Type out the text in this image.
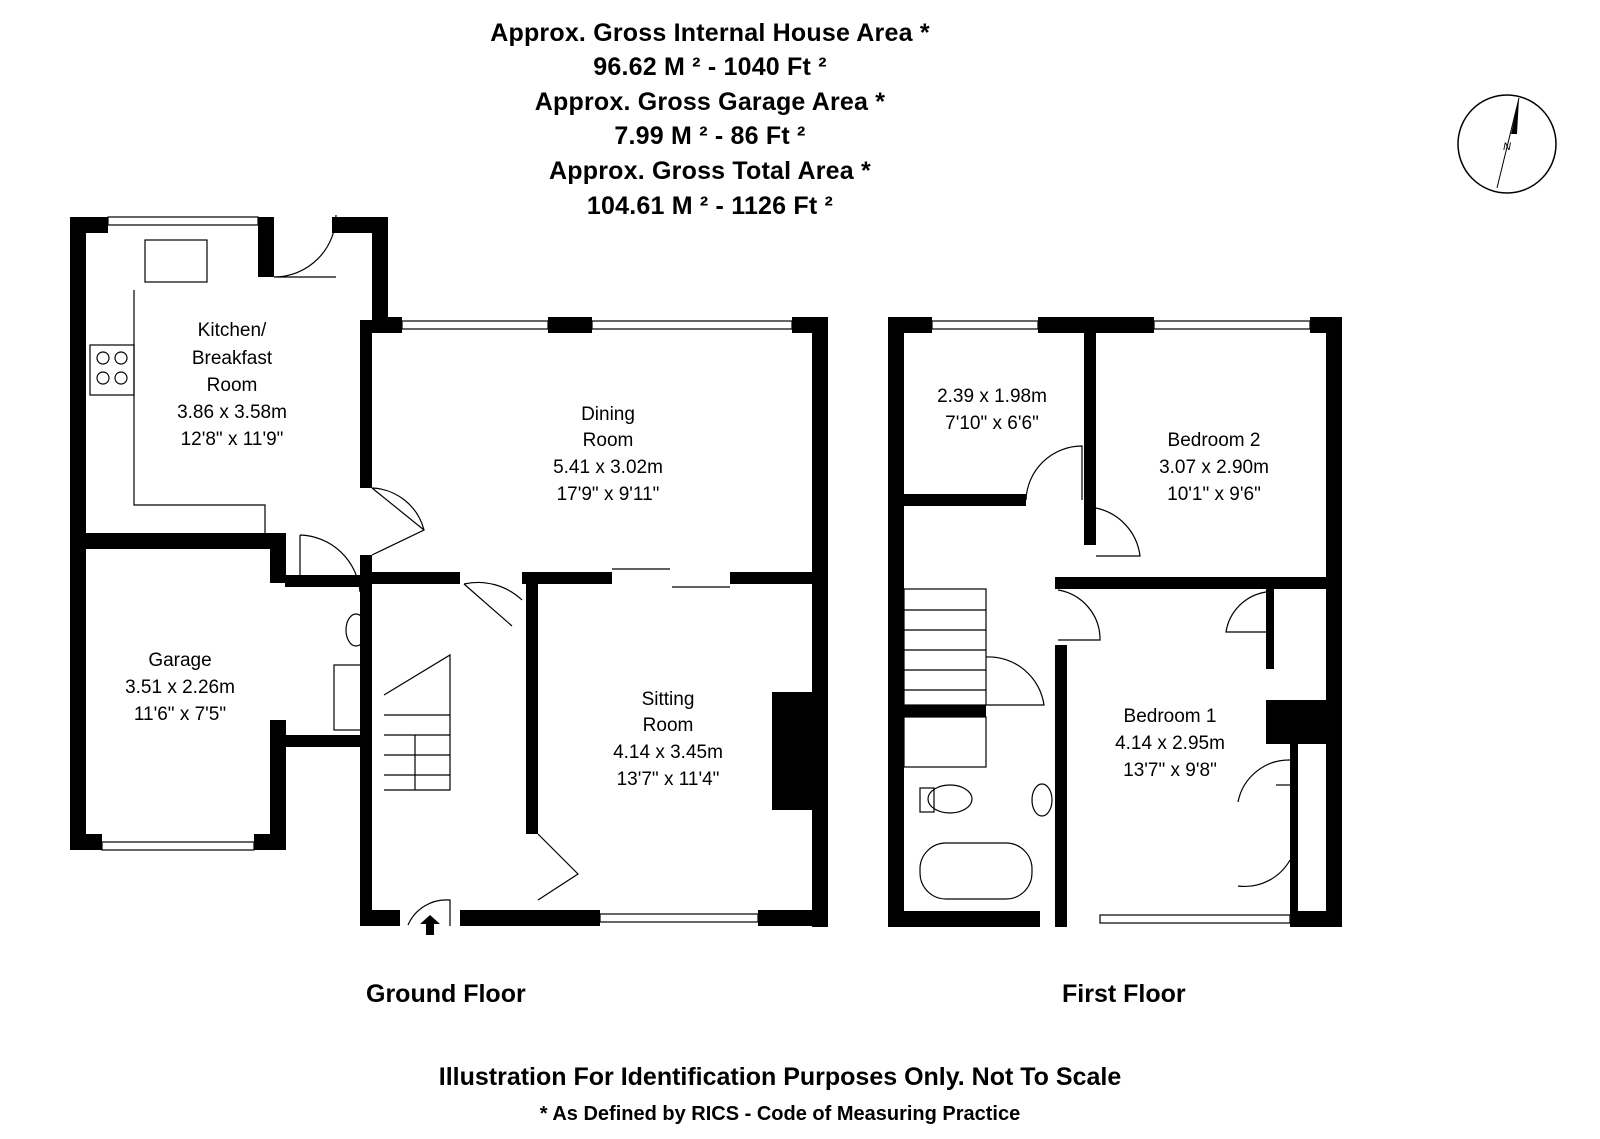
Approx. Gross Internal House Area *
96.62 M ² - 1040 Ft ²
Approx. Gross Garage Area *
7.99 M ² - 86 Ft ²
Approx. Gross Total Area *
104.61 M ² - 1126 Ft ²
N
Kitchen/
Breakfast
Room
3.86 x 3.58m
12'8" x 11'9"
Dining
Room
5.41 x 3.02m
17'9" x 9'11"
Garage
3.51 x 2.26m
11'6" x 7'5"
Sitting
Room
4.14 x 3.45m
13'7" x 11'4"
2.39 x 1.98m
7'10" x 6'6"
Bedroom 2
3.07 x 2.90m
10'1" x 9'6"
Bedroom 1
4.14 x 2.95m
13'7" x 9'8"
Ground Floor	First Floor
Illustration For Identification Purposes Only. Not To Scale
* As Defined by RICS - Code of Measuring Practice
